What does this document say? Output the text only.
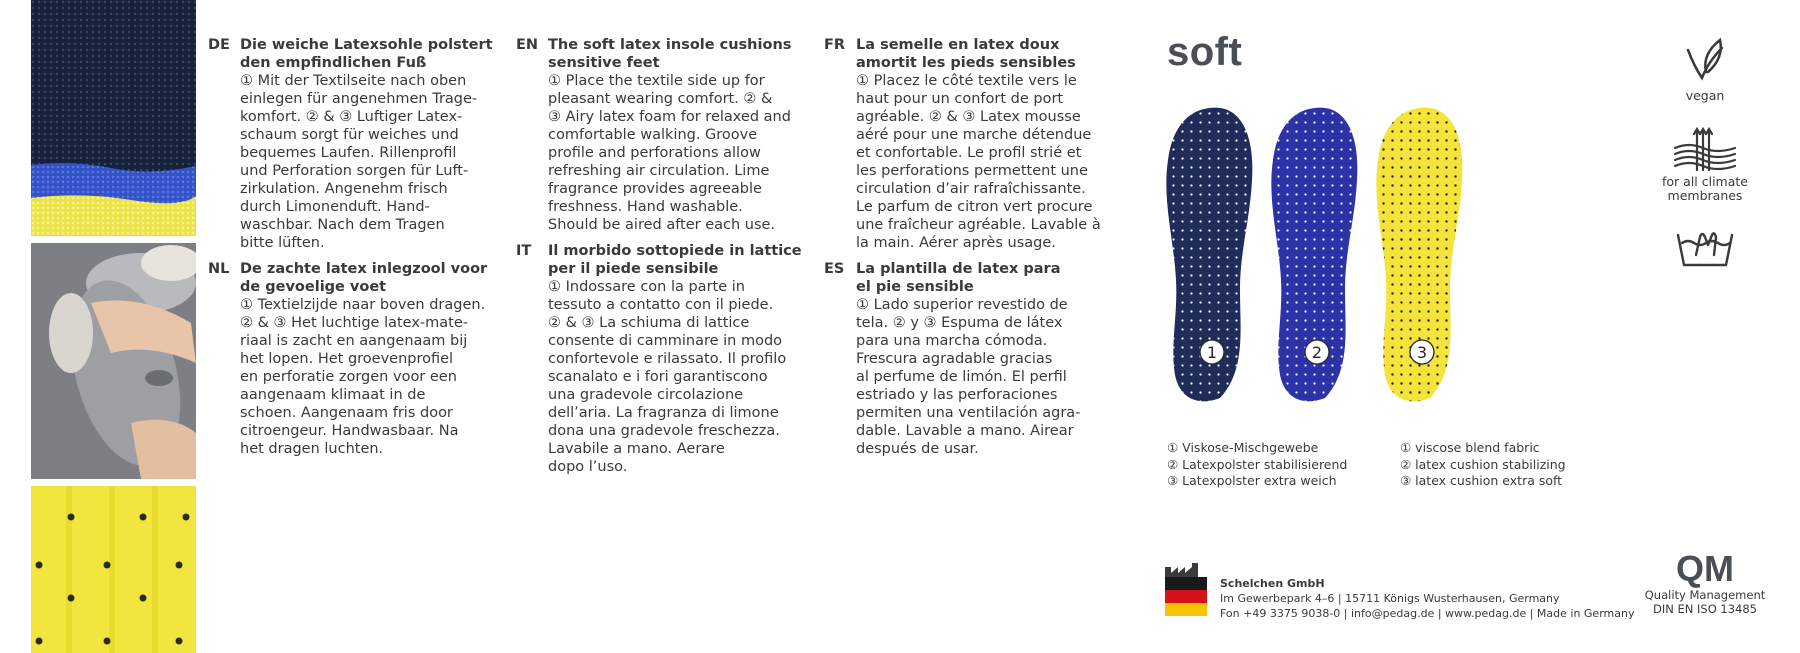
DE Die weiche Latexsohle polstert
den empfindlichen Fuß

① Mit der Textilseite nach oben
einlegen für angenehmen Trage-
komfort. ② & ③ Luftiger Latex-
schaum sorgt für weiches und
bequemes Laufen. Rillenprofil
und Perforation sorgen für Luft-
zirkulation. Angenehm frisch
durch Limonenduft. Hand-
waschbar. Nach dem Tragen
bitte lüften.

NL De zachte latex inlegzool voor
de gevoelige voet

① Textielzijde naar boven dragen.
② & ③ Het luchtige latex-mate-
riaal is zacht en aangenaam bij
het lopen. Het groevenprofiel
en perforatie zorgen voor een
aangenaam klimaat in de
schoen. Aangenaam fris door
citroengeur. Handwasbaar. Na
het dragen luchten.

EN The soft latex insole cushions
sensitive feet

① Place the textile side up for
pleasant wearing comfort. ② &
③ Airy latex foam for relaxed and
comfortable walking. Groove
profile and perforations allow
refreshing air circulation. Lime
fragrance provides agreeable
freshness. Hand washable.
Should be aired after each use.

IT Il morbido sottopiede in lattice
per il piede sensibile

① Indossare con la parte in
tessuto a contatto con il piede.
② & ③ La schiuma di lattice
consente di camminare in modo
confortevole e rilassato. Il profilo
scanalato e i fori garantiscono
una gradevole circolazione
dell’aria. La fragranza di limone
dona una gradevole freschezza.
Lavabile a mano. Aerare
dopo l’uso.

FR La semelle en latex doux
amortit les pieds sensibles

① Placez le côté textile vers le
haut pour un confort de port
agréable. ② & ③ Latex mousse
aéré pour une marche détendue
et confortable. Le profil strié et
les perforations permettent une
circulation d’air rafraîchissante.
Le parfum de citron vert procure
une fraîcheur agréable. Lavable à
la main. Aérer après usage.

ES La plantilla de latex para
el pie sensible

① Lado superior revestido de
tela. ② y ③ Espuma de látex
para una marcha cómoda.
Frescura agradable gracias
al perfume de limón. El perfil
estriado y las perforaciones
permiten una ventilación agra-
dable. Lavable a mano. Airear
después de usar.

soft
1	2	3
① Viskose-Mischgewebe
② Latexpolster stabilisierend
③ Latexpolster extra weich
① viscose blend fabric
② latex cushion stabilizing
③ latex cushion extra soft
vegan
for all climate
membranes
Schelchen GmbH
Im Gewerbepark 4–6 | 15711 Königs Wusterhausen, Germany
Fon +49 3375 9038-0 | info@pedag.de | www.pedag.de | Made in Germany
QM
Quality Management
DIN EN ISO 13485
